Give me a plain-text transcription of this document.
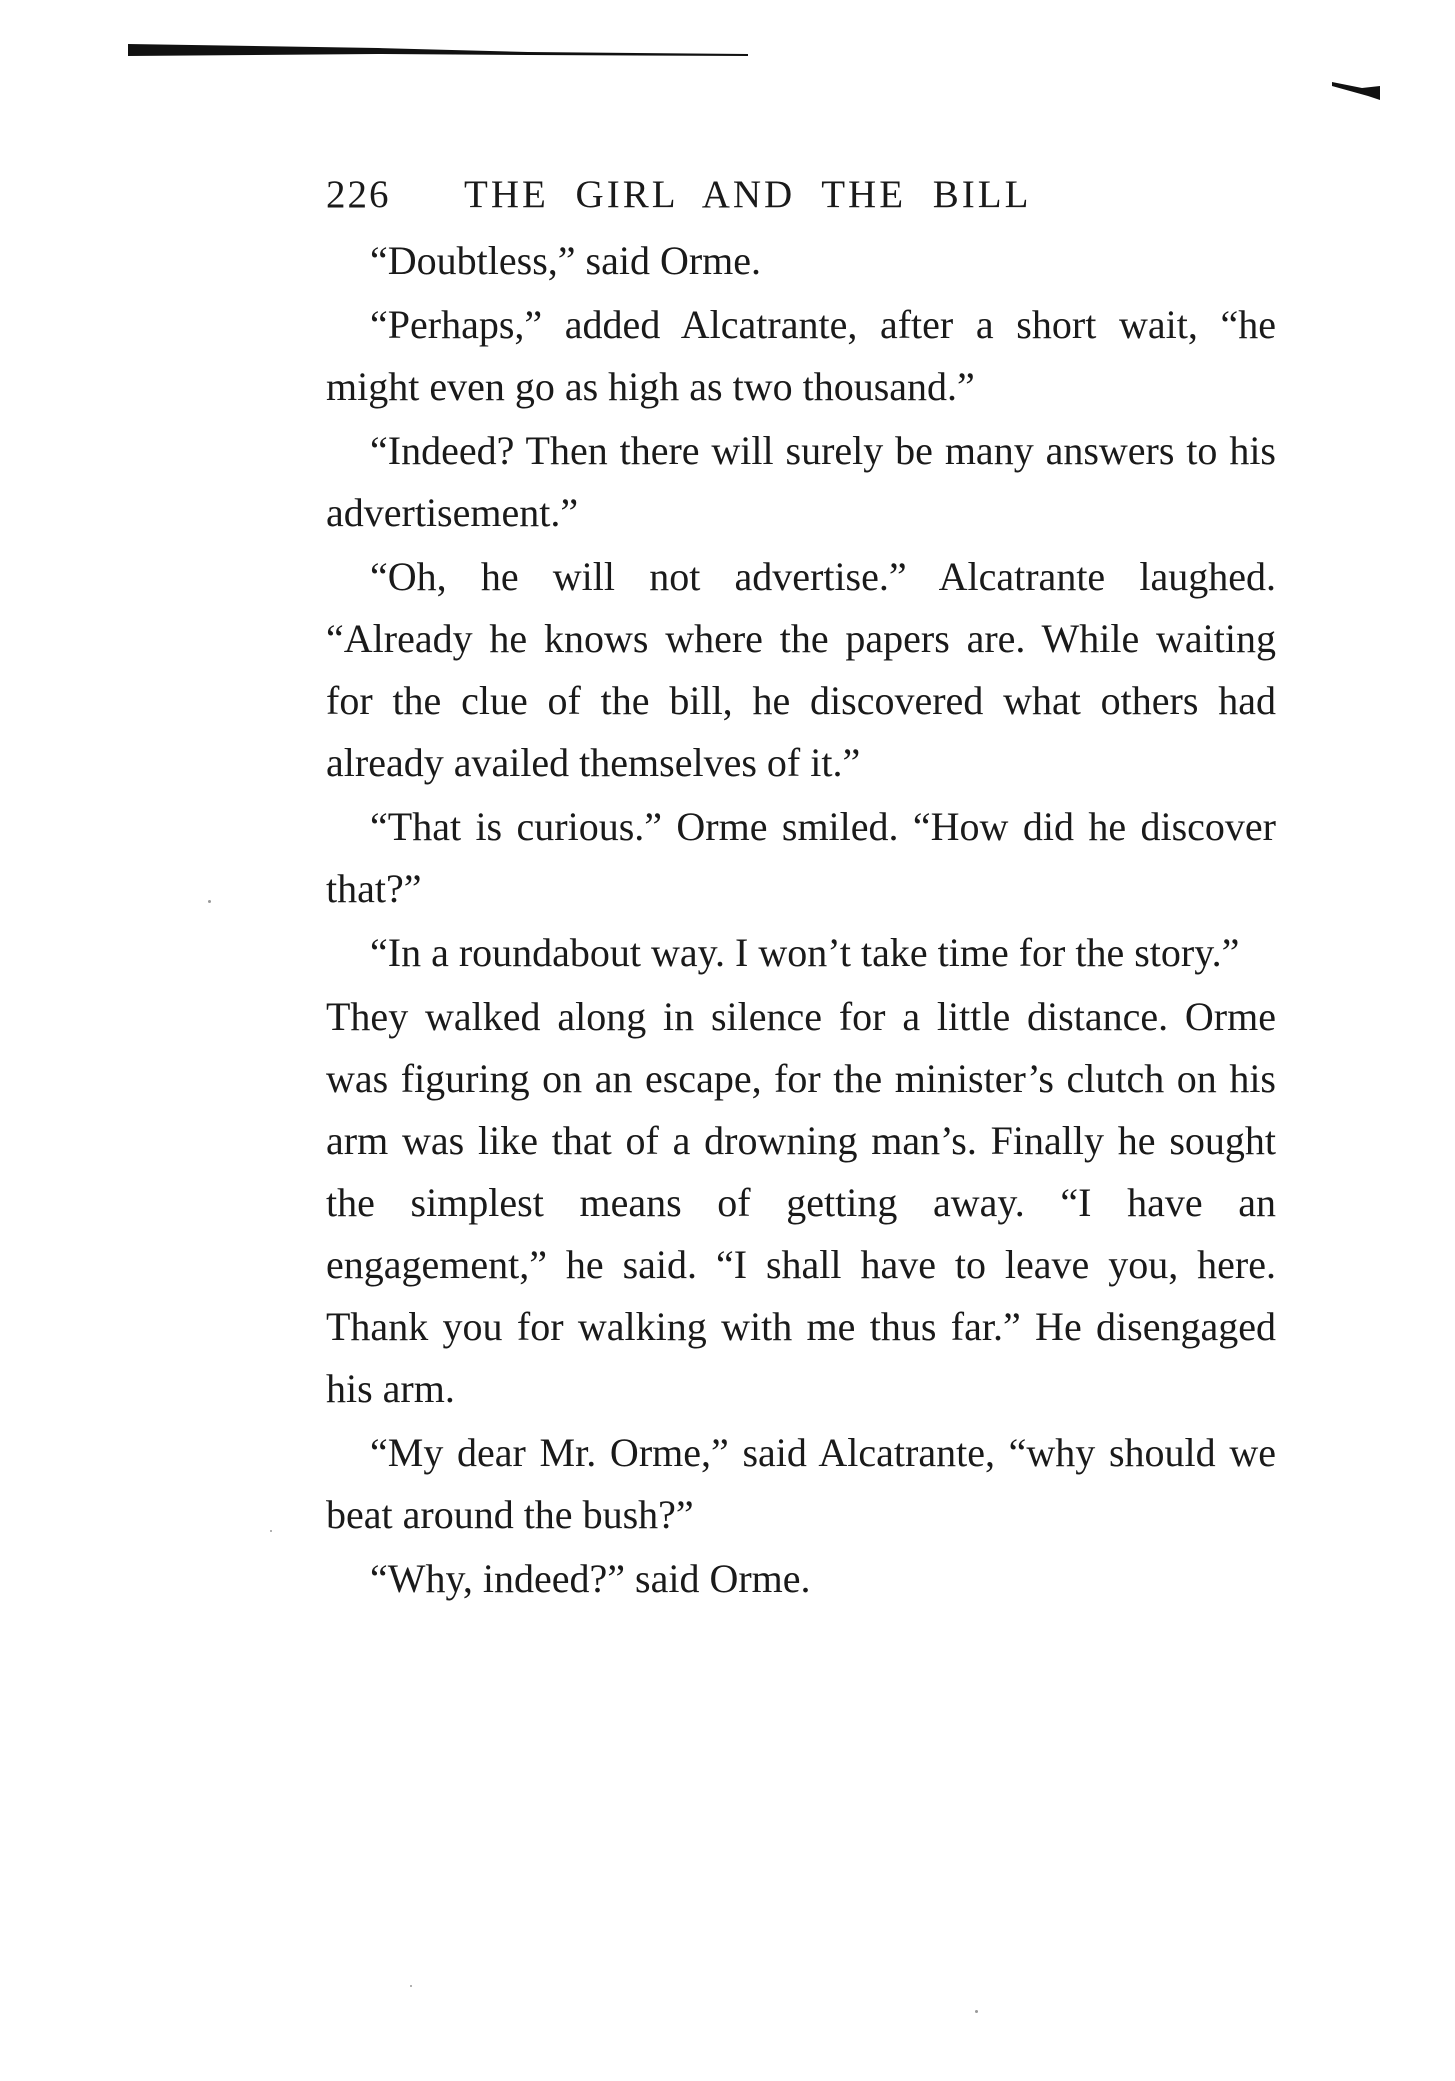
226 THE GIRL AND THE BILL

“Doubtless,” said Orme.

“Perhaps,” added Alcatrante, after a short wait, “he might even go as high as two thousand.”

“Indeed? Then there will surely be many answers to his advertisement.”

“Oh, he will not advertise.” Alcatrante laughed. “Already he knows where the papers are. While waiting for the clue of the bill, he discovered what others had already availed themselves of it.”

“That is curious.” Orme smiled. “How did he discover that?”

“In a roundabout way. I won’t take time for the story.”

They walked along in silence for a little distance. Orme was figuring on an escape, for the minister’s clutch on his arm was like that of a drowning man’s. Finally he sought the simplest means of getting away. “I have an engagement,” he said. “I shall have to leave you, here. Thank you for walking with me thus far.” He disengaged his arm.

“My dear Mr. Orme,” said Alcatrante, “why should we beat around the bush?”

“Why, indeed?” said Orme.
